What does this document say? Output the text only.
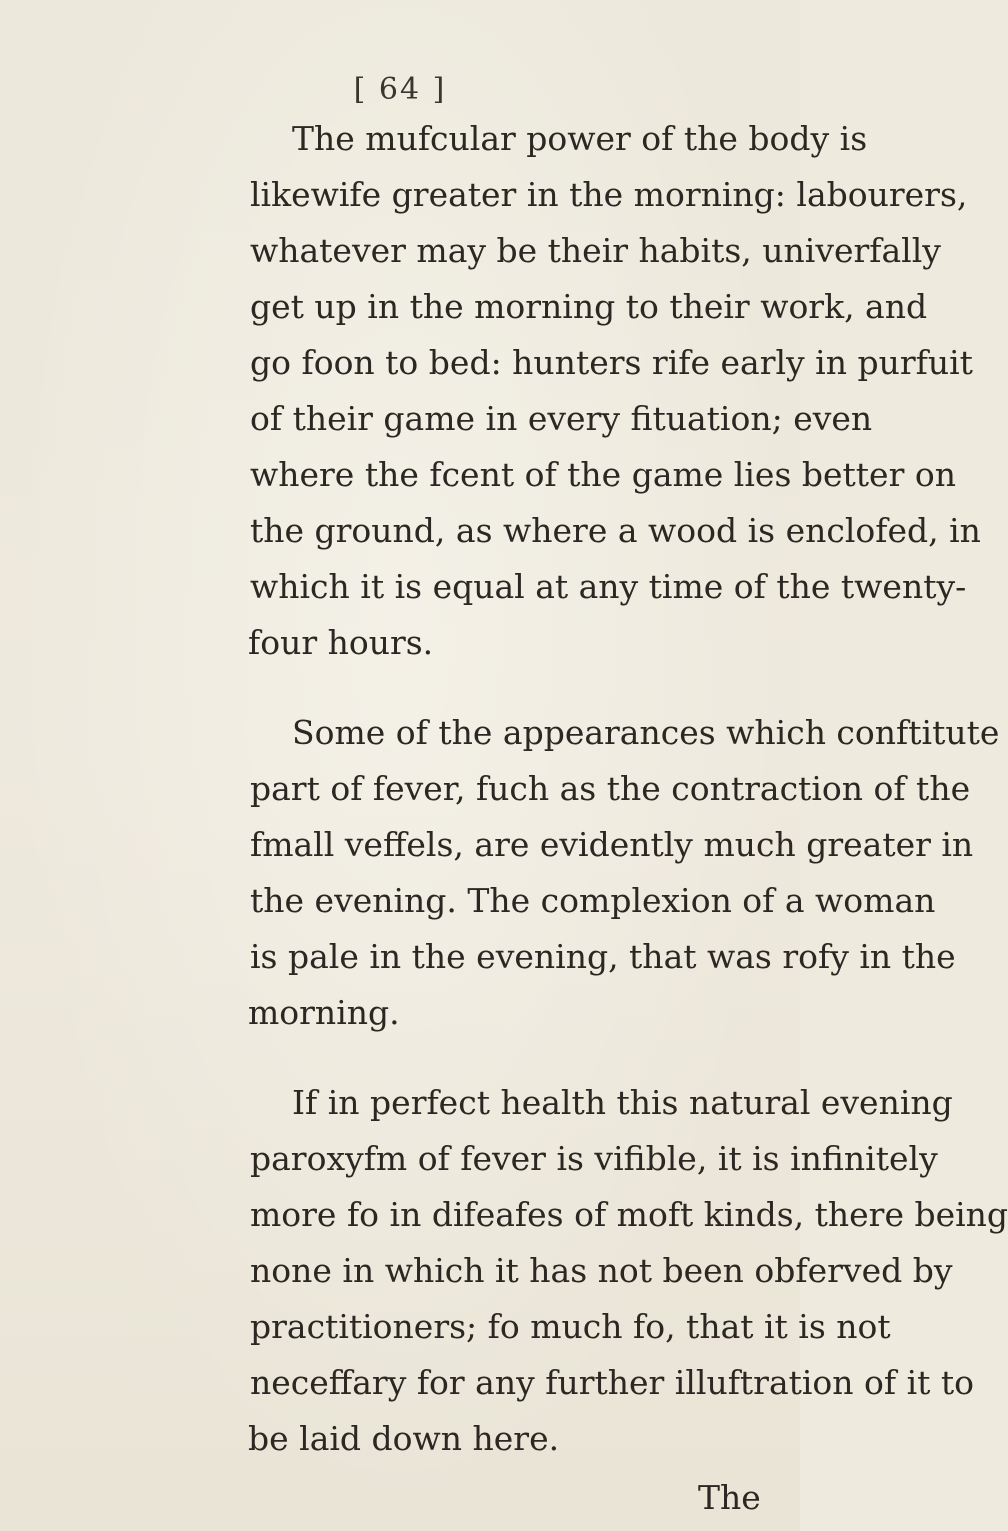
[ 64 ]
The mufcular power of the body is
likewife greater in the morning: labourers,
whatever may be their habits, univerfally
get up in the morning to their work, and
go foon to bed: hunters rife early in purfuit
of their game in every fituation; even
where the fcent of the game lies better on
the ground, as where a wood is enclofed, in
which it is equal at any time of the twenty-
four hours.
Some of the appearances which conftitute
part of fever, fuch as the contraction of the
fmall veffels, are evidently much greater in
the evening. The complexion of a woman
is pale in the evening, that was rofy in the
morning.
If in perfect health this natural evening
paroxyfm of fever is vifible, it is infinitely
more fo in difeafes of moft kinds, there being
none in which it has not been obferved by
practitioners; fo much fo, that it is not
neceffary for any further illuftration of it to
be laid down here.
The
